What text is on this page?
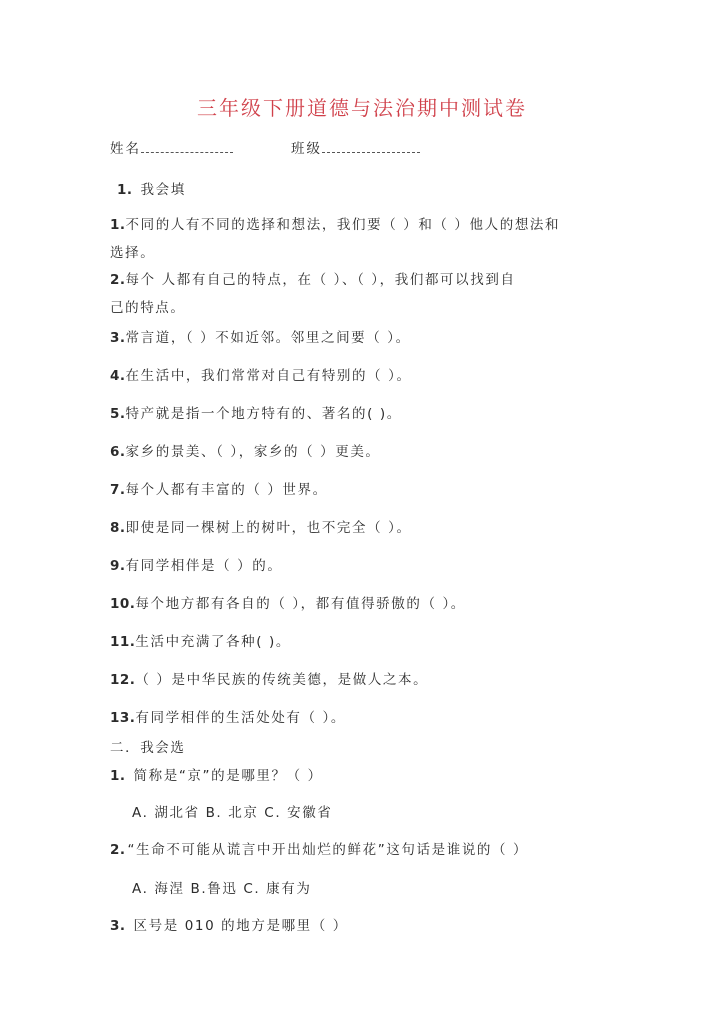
三年级下册道德与法治期中测试卷
姓名	班级
1. 我会填
1.不同的人有不同的选择和想法，我们要（ ）和（ ）他人的想法和
选择。
2.每个 人都有自己的特点，在（ ）、（ ），我们都可以找到自
己的特点。
3.常言道，（ ）不如近邻。邻里之间要（ ）。
4.在生活中，我们常常对自己有特别的（ ）。
5.特产就是指一个地方特有的、著名的( )。
6.家乡的景美、（ ），家乡的（ ）更美。
7.每个人都有丰富的（ ）世界。
8.即使是同一棵树上的树叶，也不完全（ ）。
9.有同学相伴是（ ）的。
10.每个地方都有各自的（ ），都有值得骄傲的（ ）。
11.生活中充满了各种( )。
12.（ ）是中华民族的传统美德，是做人之本。
13.有同学相伴的生活处处有（ ）。
二．我会选
1. 简称是“京”的是哪里？（ ）
A. 湖北省 B. 北京 C. 安徽省
2. “生命不可能从谎言中开出灿烂的鲜花”这句话是谁说的（ ）
A. 海涅 B.鲁迅 C. 康有为
3. 区号是 010 的地方是哪里（ ）
